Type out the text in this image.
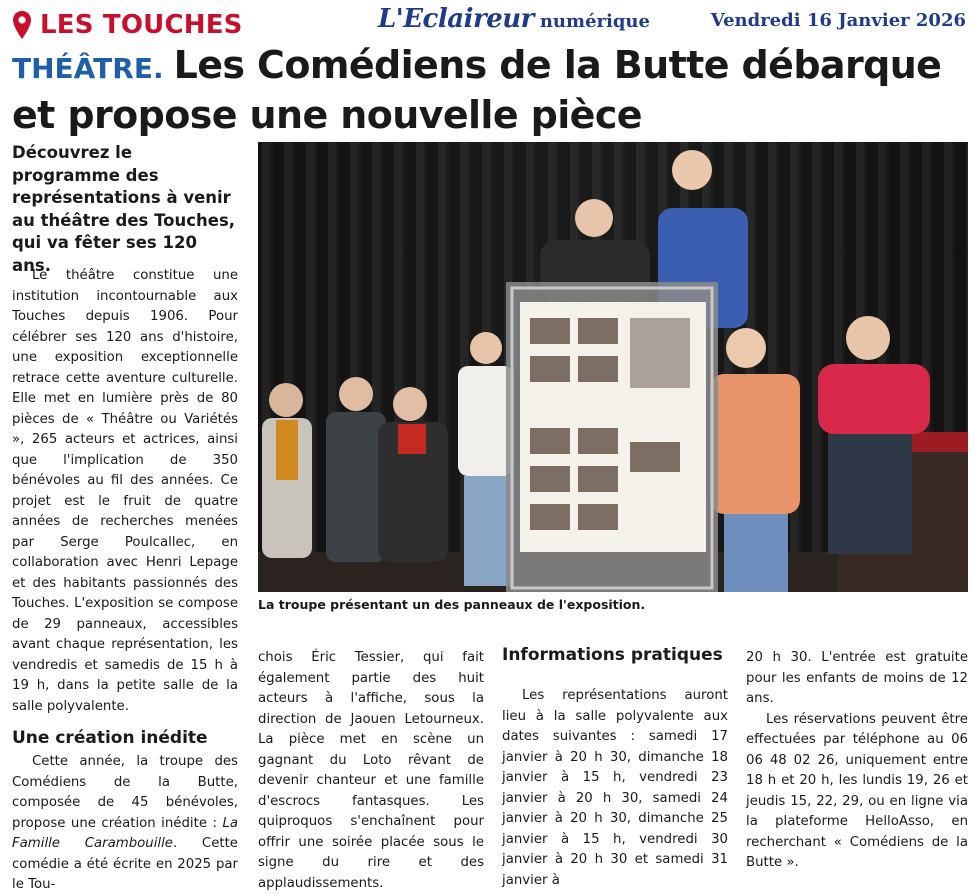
LES TOUCHES	L'Eclaireur numérique	Vendredi 16 Janvier 2026
THÉÂTRE. Les Comédiens de la Butte débarque et propose une nouvelle pièce
Découvrez le programme des représentations à venir au théâtre des Touches, qui va fêter ses 120 ans.

Le théâtre constitue une institution incontournable aux Touches depuis 1906. Pour célébrer ses 120 ans d'histoire, une exposition exceptionnelle retrace cette aventure culturelle. Elle met en lumière près de 80 pièces de « Théâtre ou Variétés », 265 acteurs et actrices, ainsi que l'implication de 350 bénévoles au fil des années. Ce projet est le fruit de quatre années de recherches menées par Serge Poulcallec, en collaboration avec Henri Lepage et des habitants passionnés des Touches. L'exposition se compose de 29 panneaux, accessibles avant chaque représentation, les vendredis et samedis de 15 h à 19 h, dans la petite salle de la salle polyvalente.

Une création inédite

Cette année, la troupe des Comédiens de la Butte, composée de 45 bénévoles, propose une création inédite : La Famille Carambouille. Cette comédie a été écrite en 2025 par le Tou-

La troupe présentant un des panneaux de l'exposition.

chois Éric Tessier, qui fait également partie des huit acteurs à l'affiche, sous la direction de Jaouen Letourneux. La pièce met en scène un gagnant du Loto rêvant de devenir chanteur et une famille d'escrocs fantasques. Les quiproquos s'enchaînent pour offrir une soirée placée sous le signe du rire et des applaudissements.

Informations pratiques

Les représentations auront lieu à la salle polyvalente aux dates suivantes : samedi 17 janvier à 20 h 30, dimanche 18 janvier à 15 h, vendredi 23 janvier à 20 h 30, samedi 24 janvier à 20 h 30, dimanche 25 janvier à 15 h, vendredi 30 janvier à 20 h 30 et samedi 31 janvier à

20 h 30. L'entrée est gratuite pour les enfants de moins de 12 ans.

Les réservations peuvent être effectuées par téléphone au 06 06 48 02 26, uniquement entre 18 h et 20 h, les lundis 19, 26 et jeudis 15, 22, 29, ou en ligne via la plateforme HelloAsso, en recherchant « Comédiens de la Butte ».
